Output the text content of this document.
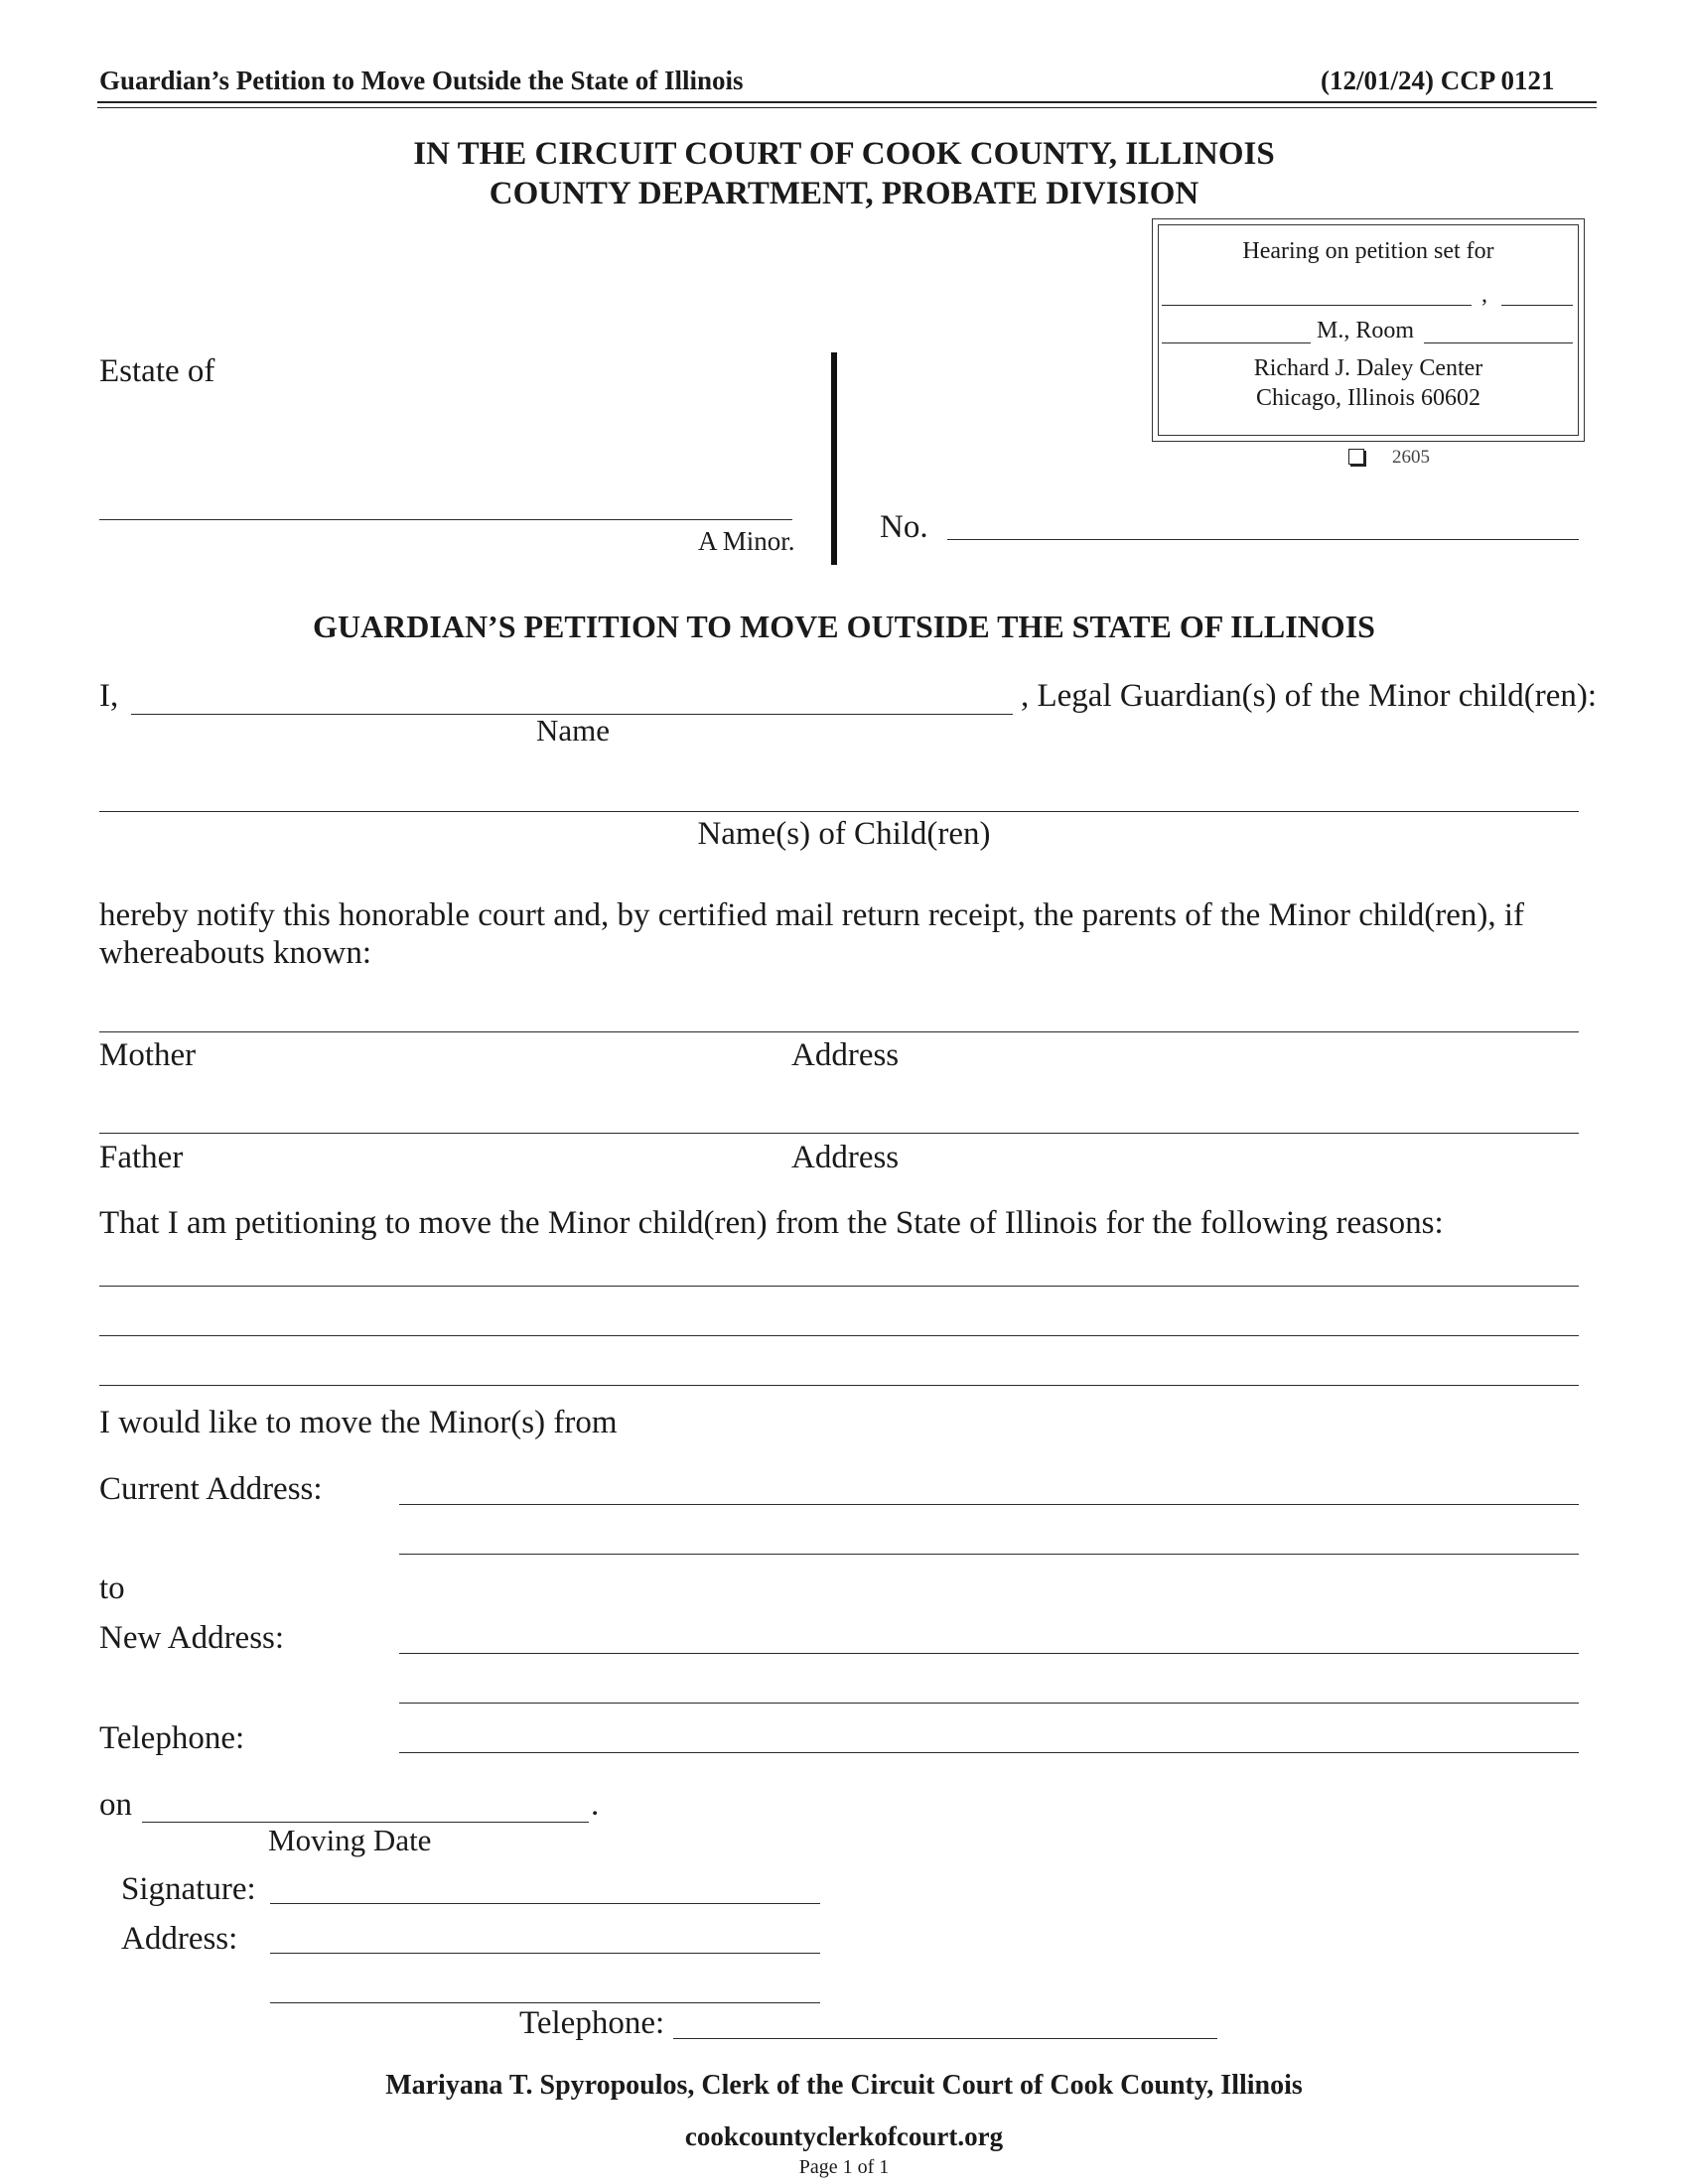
Guardian’s Petition to Move Outside the State of Illinois	(12/01/24) CCP 0121
IN THE CIRCUIT COURT OF COOK COUNTY, ILLINOIS
COUNTY DEPARTMENT, PROBATE DIVISION
Hearing on petition set for
,
M., Room
Richard J. Daley Center
Chicago, Illinois 60602
2605
Estate of
A Minor.	No.
GUARDIAN’S PETITION TO MOVE OUTSIDE THE STATE OF ILLINOIS
I,	, Legal Guardian(s) of the Minor child(ren):
Name
Name(s) of Child(ren)
hereby notify this honorable court and, by certified mail return receipt, the parents of the Minor child(ren), if whereabouts known:
Mother	Address
Father	Address
That I am petitioning to move the Minor child(ren) from the State of Illinois for the following reasons:
I would like to move the Minor(s) from
Current Address:
to
New Address:
Telephone:
on	.
Moving Date
Signature:
Address:
Telephone:
Mariyana T. Spyropoulos, Clerk of the Circuit Court of Cook County, Illinois
cookcountyclerkofcourt.org
Page 1 of 1
